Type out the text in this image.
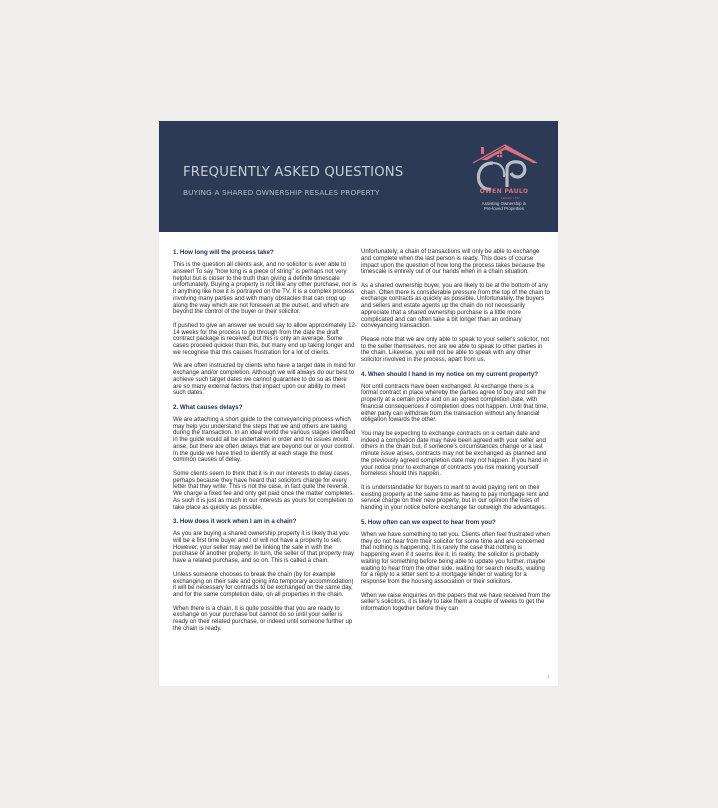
FREQUENTLY ASKED QUESTIONS
BUYING A SHARED OWNERSHIP RESALES PROPERTY	OWEN PAULO
LEGAL LTD
Assisting Ownership in
Pre-loved Properties
1. How long will the process take?

This is the question all clients ask, and no solicitor is ever able to answer! To say "how long is a piece of string" is perhaps not very helpful but is closer to the truth than giving a definite timescale unfortunately. Buying a property is not like any other purchase, nor is it anything like how it is portrayed on the TV. It is a complex process involving many parties and with many obstacles that can crop up along the way which are not foreseen at the outset, and which are beyond the control of the buyer or their solicitor.

If pushed to give an answer we would say to allow approximately 12-14 weeks for the process to go through from the date the draft contract package is received, but this is only an average. Some cases proceed quicker than this, but many end up taking longer and we recognise that this causes frustration for a lot of clients.

We are often instructed by clients who have a target date in mind for exchange and/or completion. Although we will always do our best to achieve such target dates we cannot guarantee to do so as there are so many external factors that impact upon our ability to meet such dates.

2. What causes delays?

We are attaching a short guide to the conveyancing process which may help you understand the steps that we and others are taking during the transaction. In an ideal world the various stages identified in the guide would all be undertaken in order and no issues would arise, but there are often delays that are beyond our or your control. In the guide we have tried to identify at each stage the most common causes of delay.

Some clients seem to think that it is in our interests to delay cases, perhaps because they have heard that solicitors charge for every letter that they write. This is not the case, in fact quite the reverse. We charge a fixed fee and only get paid once the matter completes. As such it is just as much in our interests as yours for completion to take place as quickly as possible.

3. How does it work when I am in a chain?

As you are buying a shared ownership property it is likely that you will be a first time buyer and / or will not have a property to sell. However, your seller may well be linking the sale in with the purchase of another property. In turn, the seller of that property may have a related purchase, and so on. This is called a chain.

Unless someone chooses to break the chain (by for example exchanging on their sale and going into temporary accommodation) it will be necessary for contracts to be exchanged on the same day, and for the same completion date, on all properties in the chain.

When there is a chain, it is quite possible that you are ready to exchange on your purchase but cannot do so until your seller is ready on their related purchase, or indeed until someone further up the chain is ready.

Unfortunately, a chain of transactions will only be able to exchange and complete when the last person is ready. This does of course impact upon the question of how long the process takes because the timescale is entirely out of our hands when in a chain situation.

As a shared ownership buyer, you are likely to be at the bottom of any chain. Often there is considerable pressure from the top of the chain to exchange contracts as quickly as possible. Unfortunately, the buyers and sellers and estate agents up the chain do not necessarily appreciate that a shared ownership purchase is a little more complicated and can often take a bit longer than an ordinary conveyancing transaction.

Please note that we are only able to speak to your seller's solicitor, not to the seller themselves, nor are we able to speak to other parties in the chain. Likewise, you will not be able to speak with any other solicitor involved in the process, apart from us.

4. When should I hand in my notice on my current property?

Not until contracts have been exchanged. At exchange there is a formal contract in place whereby the parties agree to buy and sell the property at a certain price and on an agreed completion date, with financial consequences if completion does not happen. Until that time, either party can withdraw from the transaction without any financial obligation towards the other.

You may be expecting to exchange contracts on a certain date and indeed a completion date may have been agreed with your seller and others in the chain but, if someone's circumstances change or a last minute issue arises, contracts may not be exchanged as planned and the previously agreed completion date may not happen. If you hand in your notice prior to exchange of contracts you risk making yourself homeless should this happen.

It is understandable for buyers to want to avoid paying rent on their existing property at the same time as having to pay mortgage rent and service charge on their new property, but in our opinion the risks of handing in your notice before exchange far outweigh the advantages.

5. How often can we expect to hear from you?

When we have something to tell you. Clients often feel frustrated when they do not hear from their solicitor for some time and are concerned that nothing is happening. It is rarely the case that nothing is happening even if it seems like it. In reality, the solicitor is probably waiting for something before being able to update you further, maybe waiting to hear from the other side, waiting for search results, waiting for a reply to a letter sent to a mortgage lender or waiting for a response from the housing association or their solicitors.

When we raise enquiries on the papers that we have received from the seller's solicitors, it is likely to take them a couple of weeks to get the information together before they can

1
